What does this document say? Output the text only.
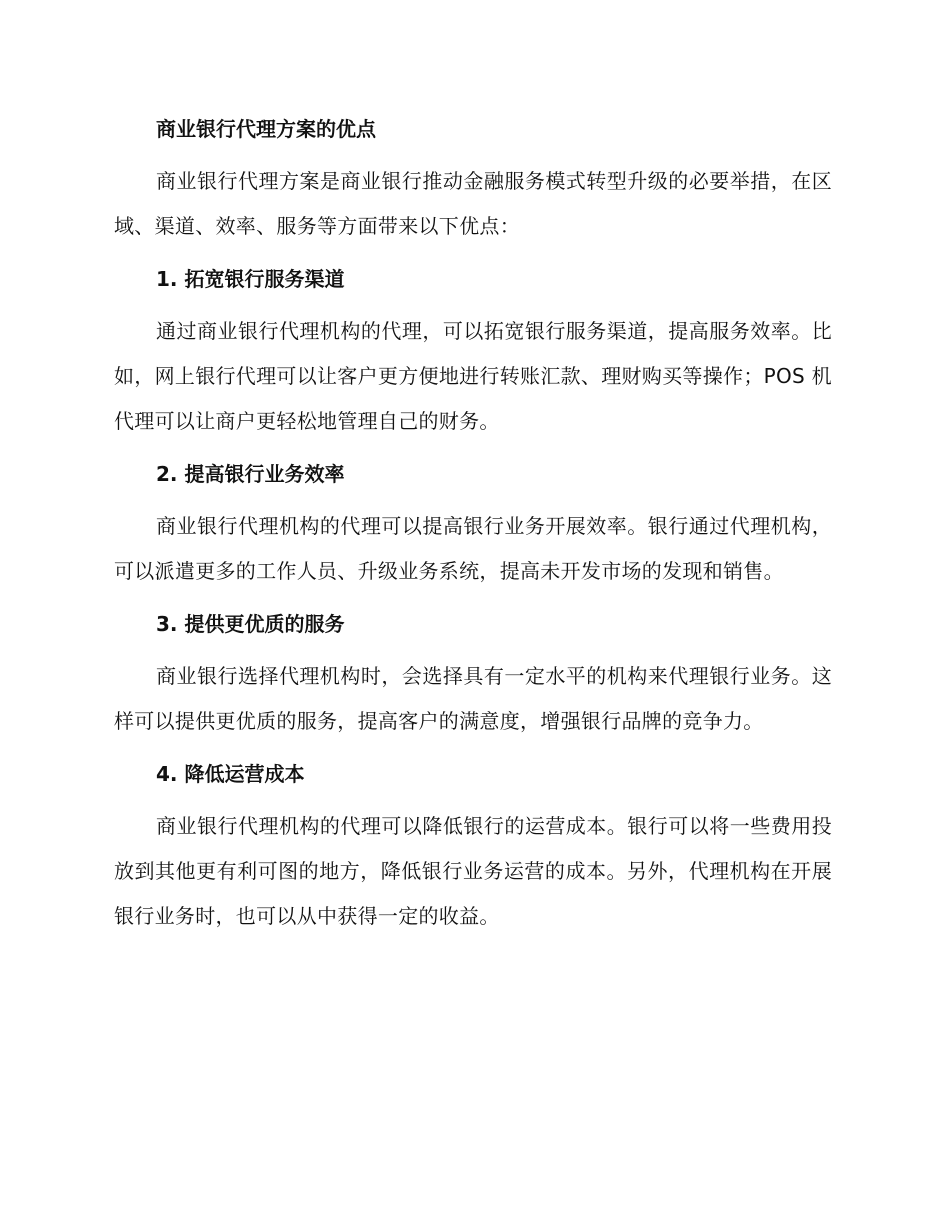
商业银行代理方案的优点
商业银行代理方案是商业银行推动金融服务模式转型升级的必要举措，在区域、渠道、效率、服务等方面带来以下优点：
1. 拓宽银行服务渠道
通过商业银行代理机构的代理，可以拓宽银行服务渠道，提高服务效率。比如，网上银行代理可以让客户更方便地进行转账汇款、理财购买等操作；POS 机代理可以让商户更轻松地管理自己的财务。
2. 提高银行业务效率
商业银行代理机构的代理可以提高银行业务开展效率。银行通过代理机构，可以派遣更多的工作人员、升级业务系统，提高未开发市场的发现和销售。
3. 提供更优质的服务
商业银行选择代理机构时，会选择具有一定水平的机构来代理银行业务。这样可以提供更优质的服务，提高客户的满意度，增强银行品牌的竞争力。
4. 降低运营成本
商业银行代理机构的代理可以降低银行的运营成本。银行可以将一些费用投放到其他更有利可图的地方，降低银行业务运营的成本。另外，代理机构在开展银行业务时，也可以从中获得一定的收益。
